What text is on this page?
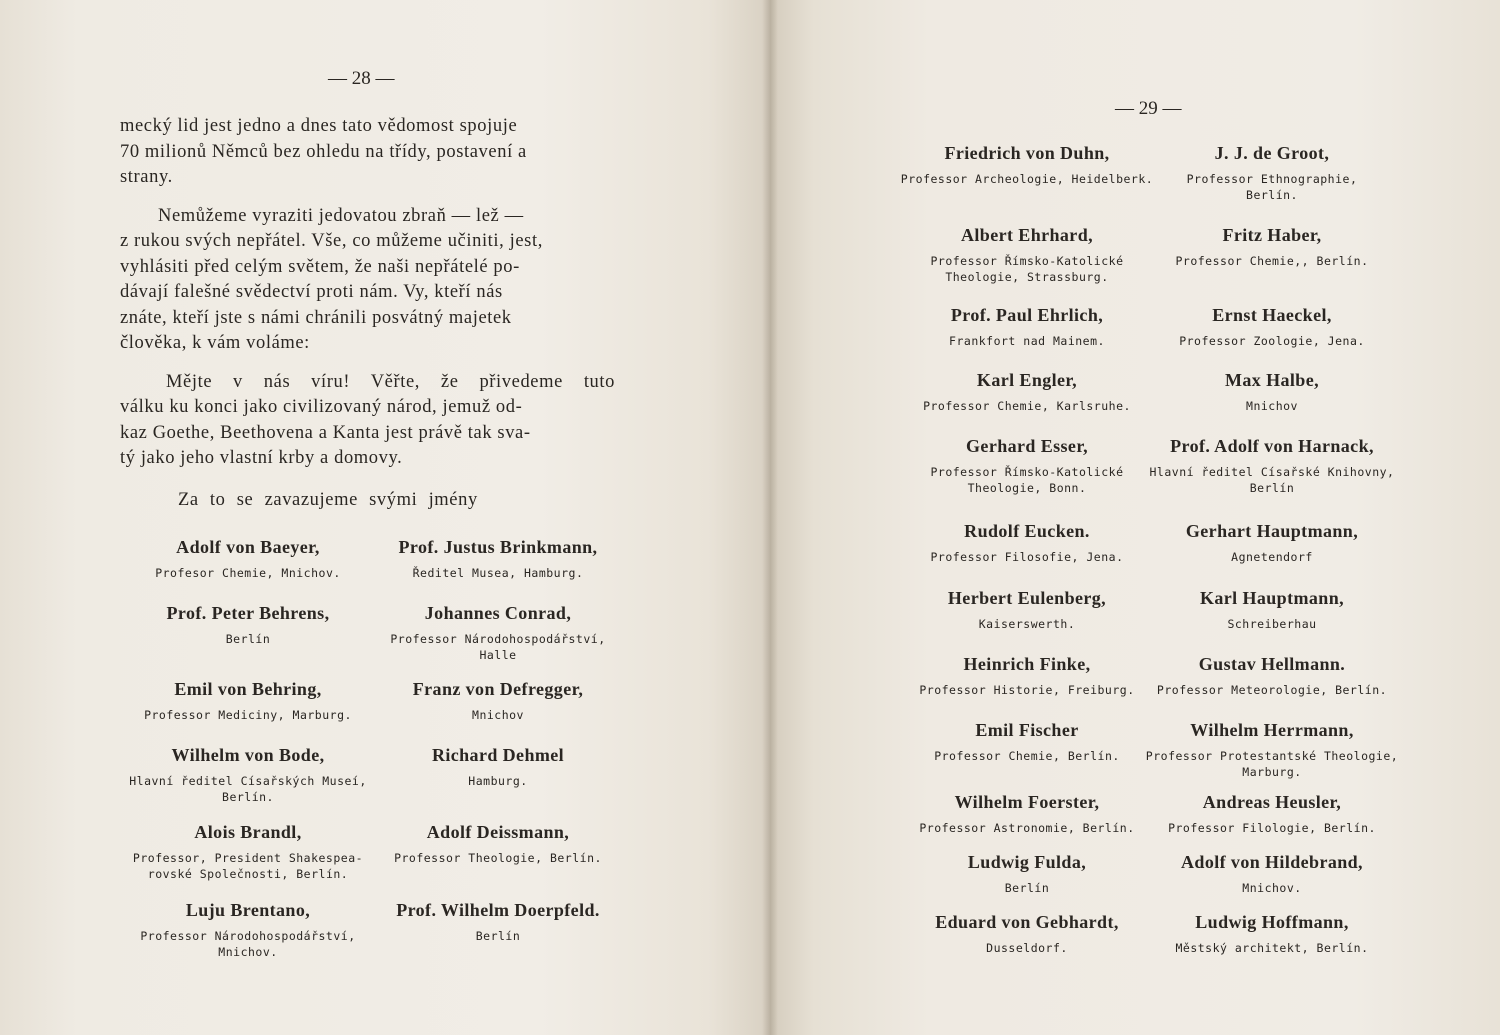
— 28 —
— 29 —

mecký lid jest jedno a dnes tato vědomost spojuje
70 milionů Němců bez ohledu na třídy, postavení a
strany.

Nemůžeme vyraziti jedovatou zbraň — lež —

z rukou svých nepřátel. Vše, co můžeme učiniti, jest,
vyhlásiti před celým světem, že naši nepřátelé po-
dávají falešné svědectví proti nám. Vy, kteří nás
znáte, kteří jste s námi chránili posvátný majetek
člověka, k vám voláme:

Mějte v nás víru! Věřte, že přivedeme tuto

válku ku konci jako civilizovaný národ, jemuž od-
kaz Goethe, Beethovena a Kanta jest právě tak sva-
tý jako jeho vlastní krby a domovy.

Za to se zavazujeme svými jmény

Adolf von Baeyer,
Profesor Chemie, Mnichov.
Prof. Justus Brinkmann,
Ředitel Musea, Hamburg.
Prof. Peter Behrens,
Berlín
Johannes Conrad,
Professor Národohospodářství,
Halle
Emil von Behring,
Professor Mediciny, Marburg.
Franz von Defregger,
Mnichov
Wilhelm von Bode,
Hlavní ředitel Císařských Museí,
Berlín.
Richard Dehmel
Hamburg.
Alois Brandl,
Professor, President Shakespea-
rovské Společnosti, Berlín.
Adolf Deissmann,
Professor Theologie, Berlín.
Luju Brentano,
Professor Národohospodářství,
Mnichov.
Prof. Wilhelm Doerpfeld.
Berlín
Friedrich von Duhn,
Professor Archeologie, Heidelberk.
J. J. de Groot,
Professor Ethnographie,
Berlín.
Albert Ehrhard,
Professor Římsko-Katolické
Theologie, Strassburg.
Fritz Haber,
Professor Chemie,, Berlín.
Prof. Paul Ehrlich,
Frankfort nad Mainem.
Ernst Haeckel,
Professor Zoologie, Jena.
Karl Engler,
Professor Chemie, Karlsruhe.
Max Halbe,
Mnichov
Gerhard Esser,
Professor Římsko-Katolické
Theologie, Bonn.
Prof. Adolf von Harnack,
Hlavní ředitel Císařské Knihovny,
Berlín
Rudolf Eucken.
Professor Filosofie, Jena.
Gerhart Hauptmann,
Agnetendorf
Herbert Eulenberg,
Kaiserswerth.
Karl Hauptmann,
Schreiberhau
Heinrich Finke,
Professor Historie, Freiburg.
Gustav Hellmann.
Professor Meteorologie, Berlín.
Emil Fischer
Professor Chemie, Berlín.
Wilhelm Herrmann,
Professor Protestantské Theologie,
Marburg.
Wilhelm Foerster,
Professor Astronomie, Berlín.
Andreas Heusler,
Professor Filologie, Berlín.
Ludwig Fulda,
Berlín
Adolf von Hildebrand,
Mnichov.
Eduard von Gebhardt,
Dusseldorf.
Ludwig Hoffmann,
Městský architekt, Berlín.
